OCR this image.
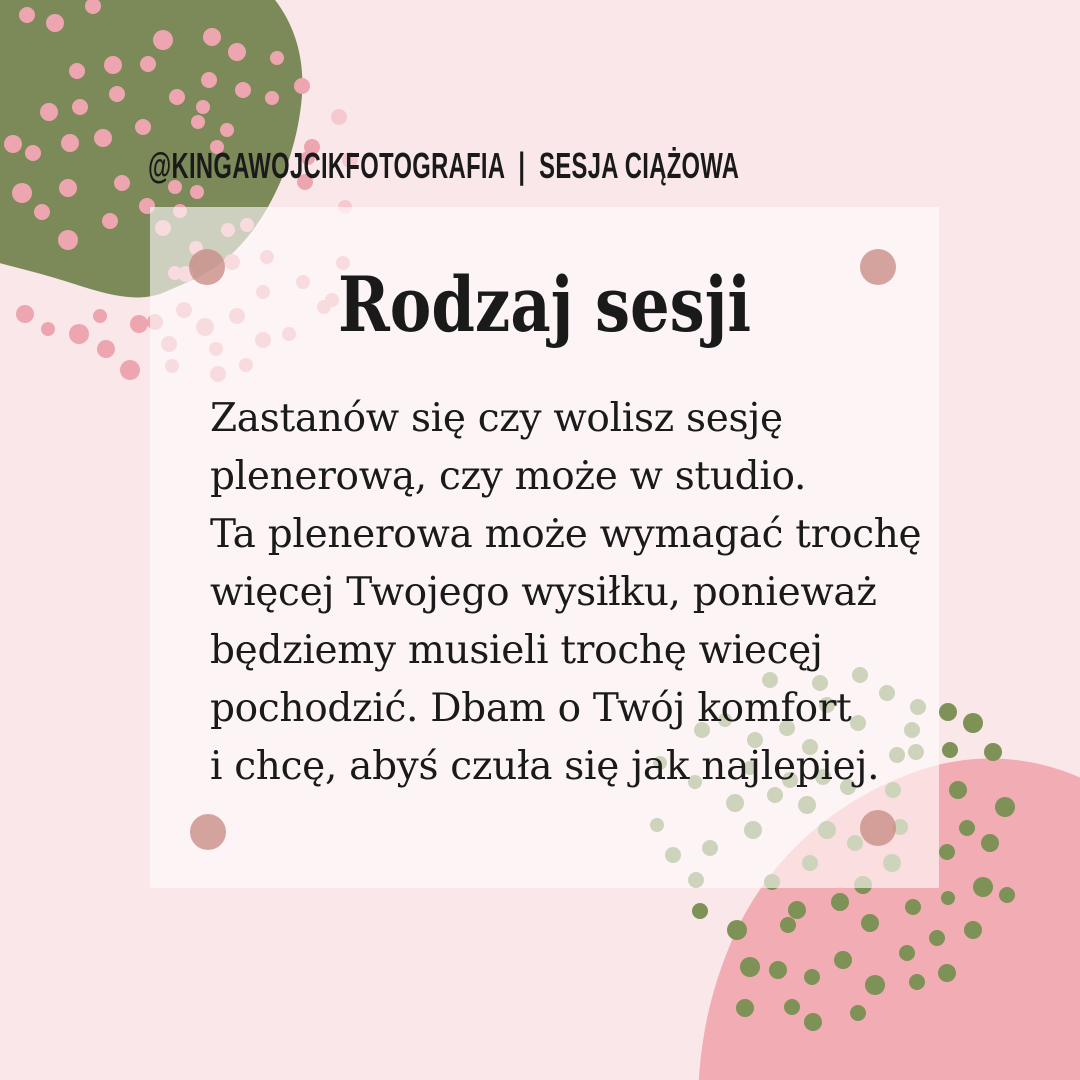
@KINGAWOJCIKFOTOGRAFIA  |  SESJA CIĄŻOWA
Rodzaj sesji
Zastanów się czy wolisz sesję
plenerową, czy może w studio.
Ta plenerowa może wymagać trochę
więcej Twojego wysiłku, ponieważ
będziemy musieli trochę wiecęj
pochodzić. Dbam o Twój komfort
i chcę, abyś czuła się jak najlepiej.
